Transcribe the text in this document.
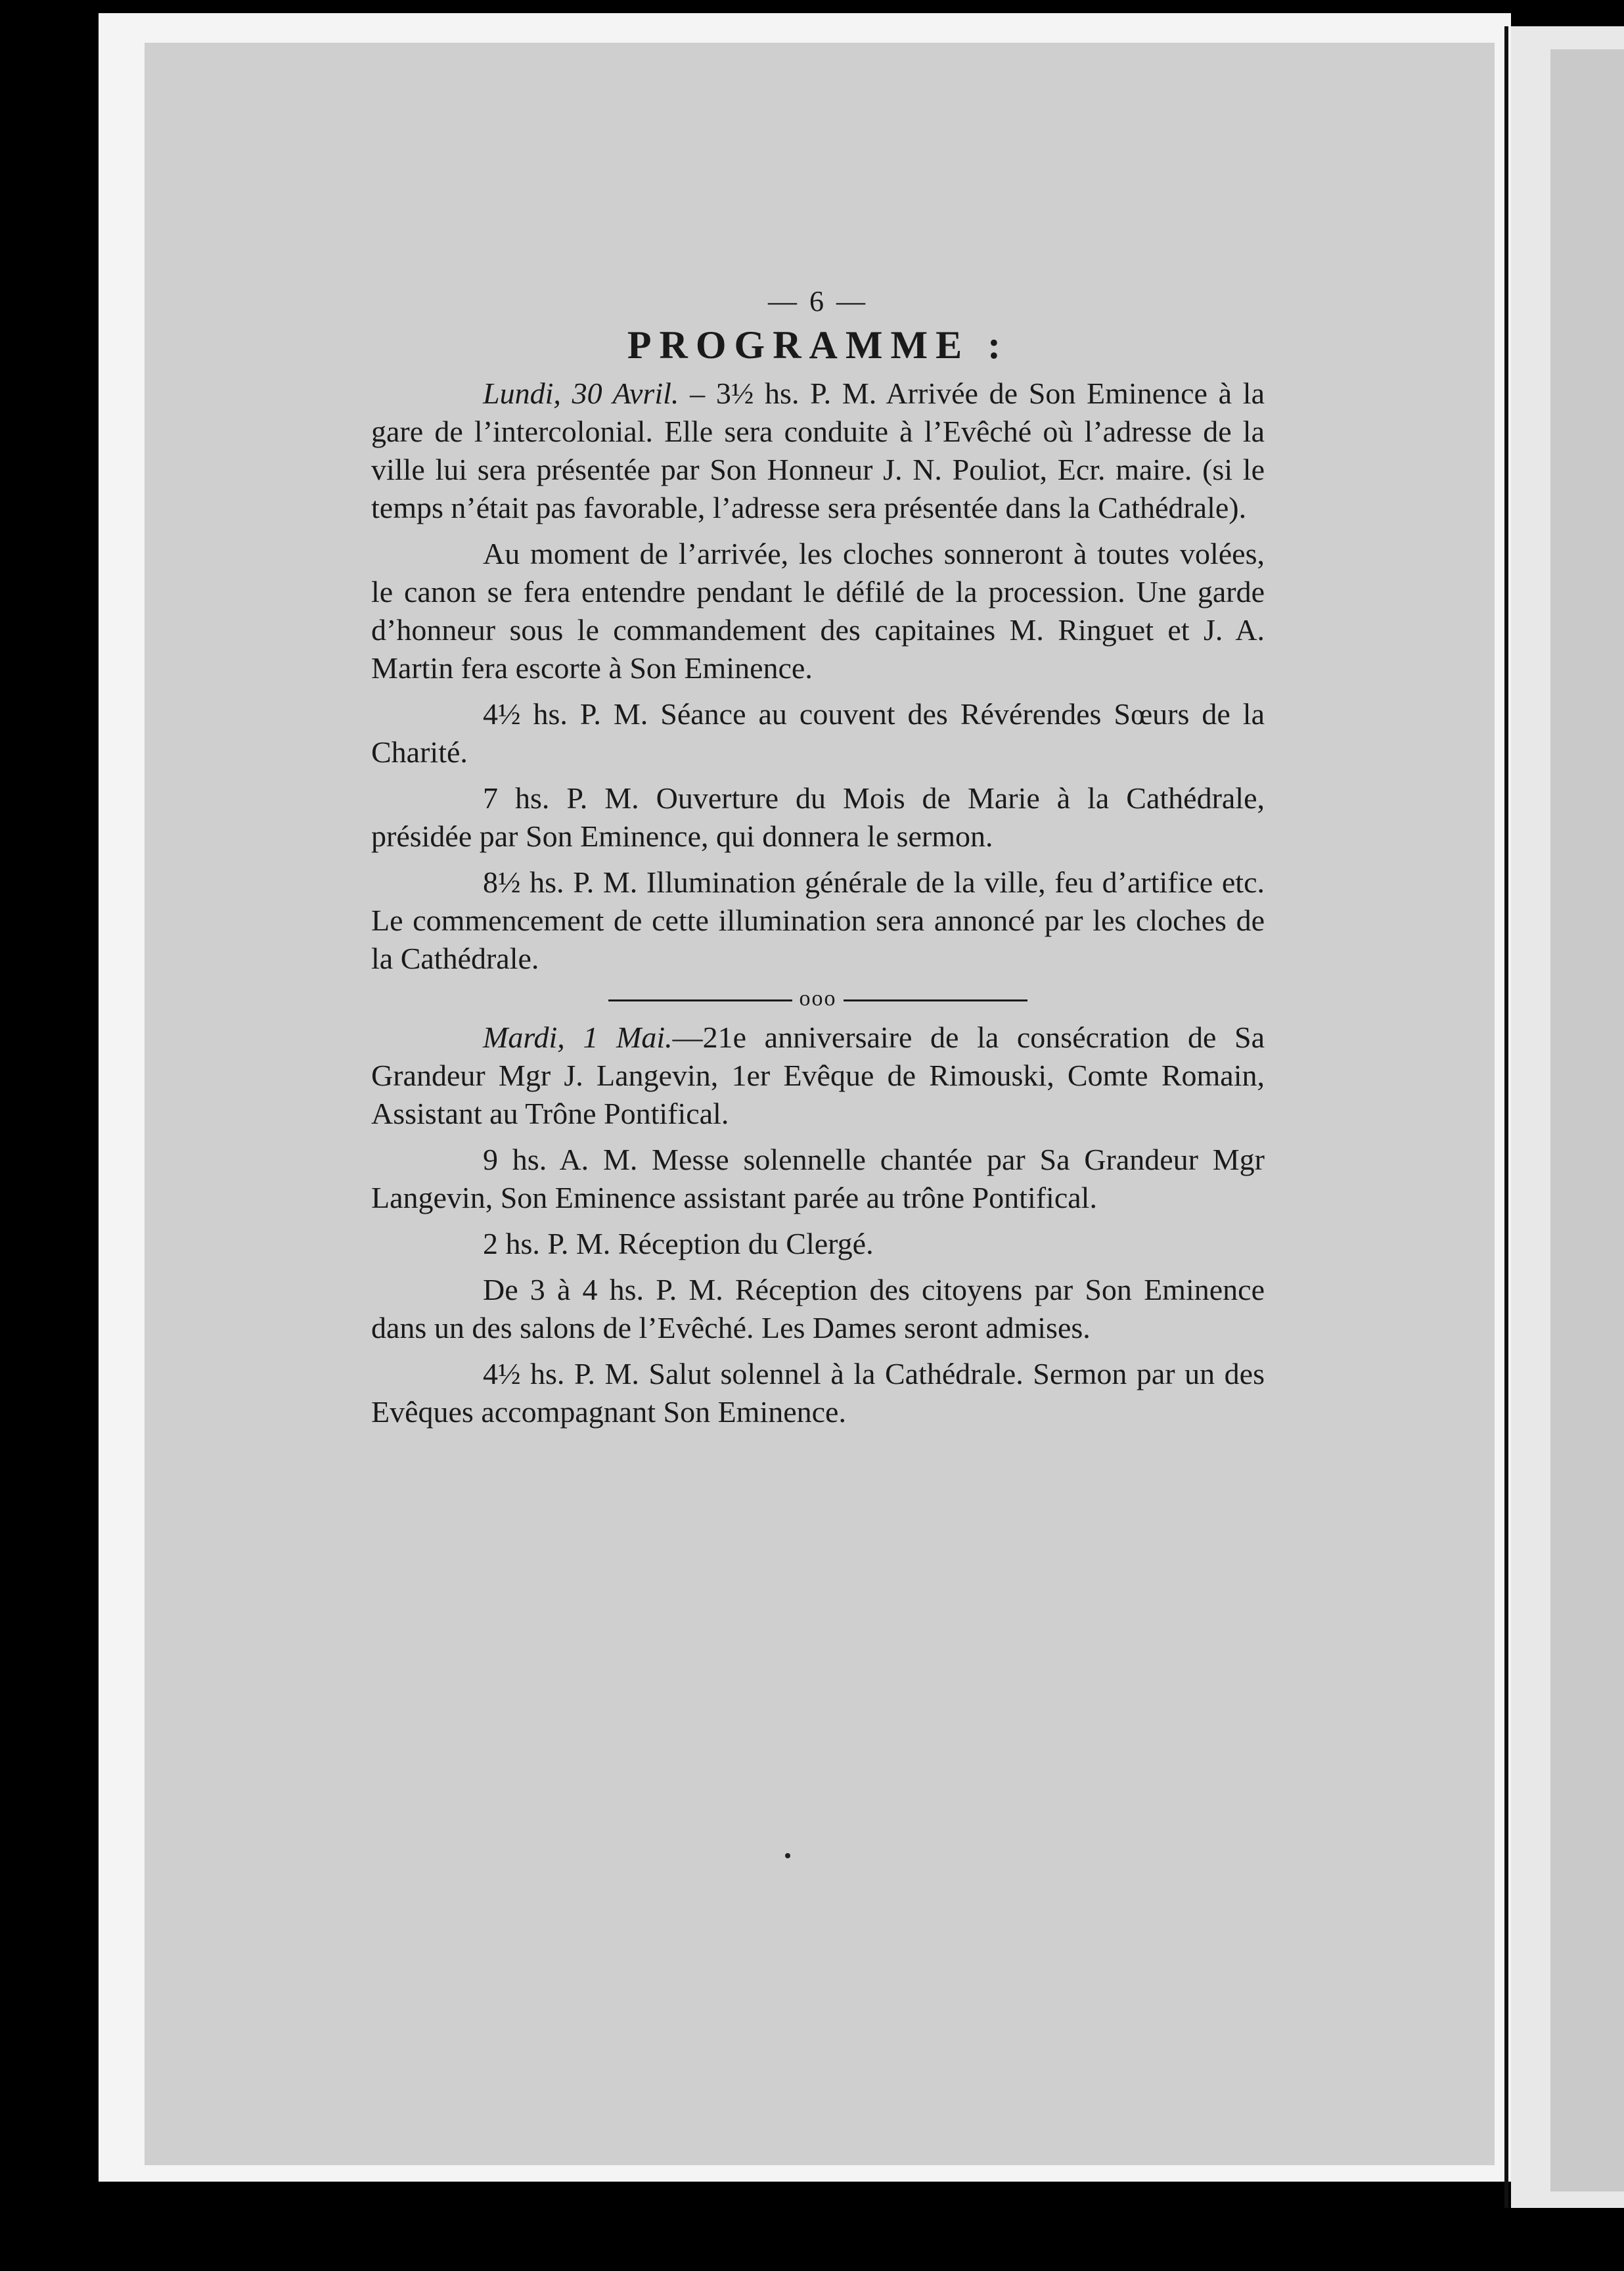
— 6 —
PROGRAMME :

Lundi, 30 Avril. – 3½ hs. P. M. Arrivée de Son Eminence à la gare de l’intercolonial. Elle sera conduite à l’Evêché où l’adresse de la ville lui sera présentée par Son Honneur J. N. Pouliot, Ecr. maire. (si le temps n’était pas favorable, l’adresse sera présentée dans la Cathédrale).

Au moment de l’arrivée, les cloches sonneront à toutes volées, le canon se fera entendre pendant le défilé de la procession. Une garde d’honneur sous le commandement des capitaines M. Ringuet et J. A. Martin fera escorte à Son Eminence.

4½ hs. P. M. Séance au couvent des Révérendes Sœurs de la Charité.

7 hs. P. M. Ouverture du Mois de Marie à la Cathédrale, présidée par Son Eminence, qui donnera le sermon.

8½ hs. P. M. Illumination générale de la ville, feu d’artifice etc. Le commencement de cette illumination sera annoncé par les cloches de la Cathédrale.

ooo

Mardi, 1 Mai.—21e anniversaire de la consécration de Sa Grandeur Mgr J. Langevin, 1er Evêque de Rimouski, Comte Romain, Assistant au Trône Pontifical.

9 hs. A. M. Messe solennelle chantée par Sa Grandeur Mgr Langevin, Son Eminence assistant parée au trône Pontifical.

2 hs. P. M. Réception du Clergé.

De 3 à 4 hs. P. M. Réception des citoyens par Son Eminence dans un des salons de l’Evêché. Les Dames seront admises.

4½ hs. P. M. Salut solennel à la Cathédrale. Sermon par un des Evêques accompagnant Son Eminence.
